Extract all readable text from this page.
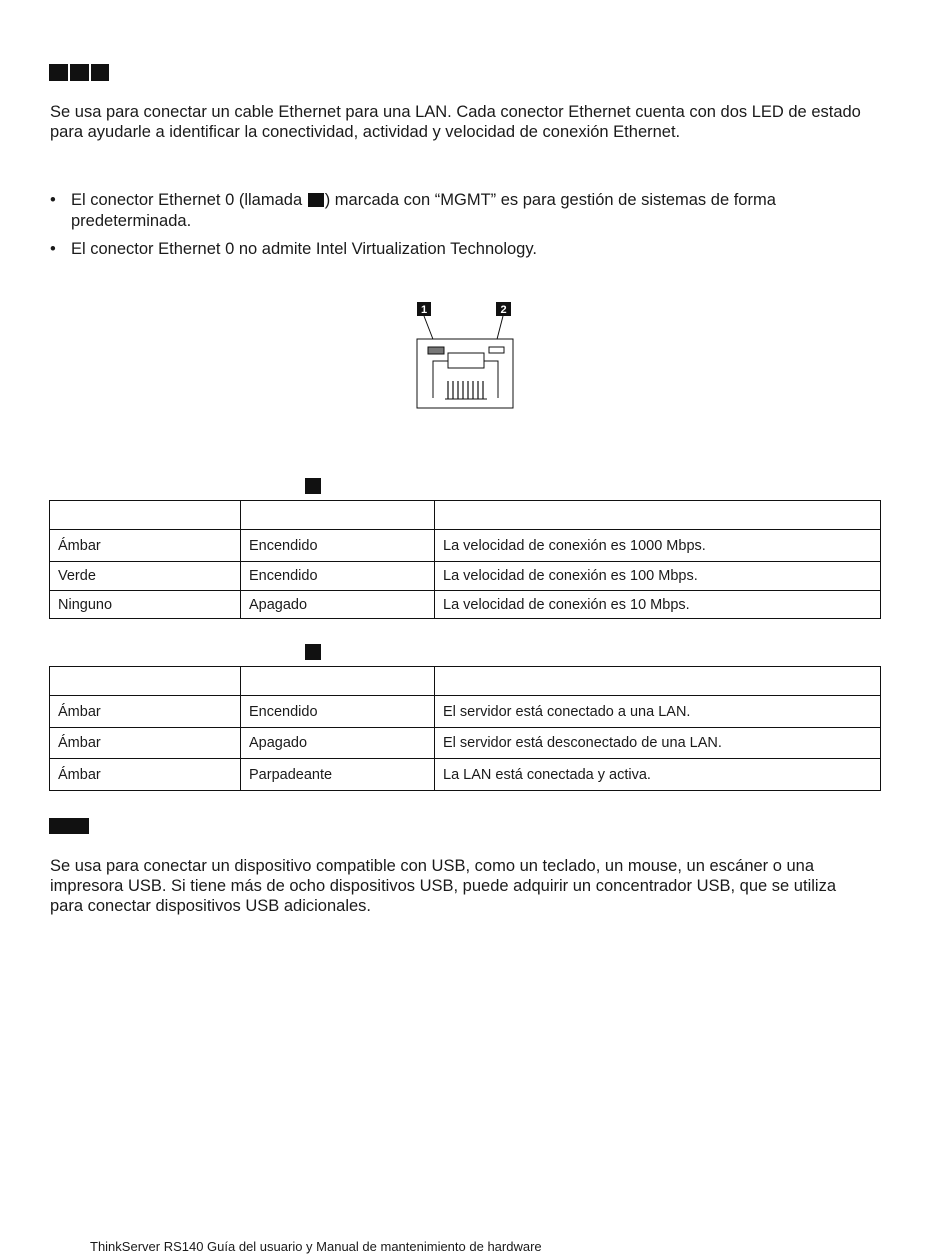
Se usa para conectar un cable Ethernet para una LAN. Cada conector Ethernet cuenta con dos LED de estado para ayudarle a identificar la conectividad, actividad y velocidad de conexión Ethernet.

• El conector Ethernet 0 (llamada ) marcada con “MGMT” es para gestión de sistemas de forma predeterminada.
• El conector Ethernet 0 no admite Intel Virtualization Technology.
1	2

Ámbar	Encendido	La velocidad de conexión es 1000 Mbps.
Verde	Encendido	La velocidad de conexión es 100 Mbps.
Ninguno	Apagado	La velocidad de conexión es 10 Mbps.

Ámbar	Encendido	El servidor está conectado a una LAN.
Ámbar	Apagado	El servidor está desconectado de una LAN.
Ámbar	Parpadeante	La LAN está conectada y activa.

Se usa para conectar un dispositivo compatible con USB, como un teclado, un mouse, un escáner o una impresora USB. Si tiene más de ocho dispositivos USB, puede adquirir un concentrador USB, que se utiliza para conectar dispositivos USB adicionales.

ThinkServer RS140 Guía del usuario y Manual de mantenimiento de hardware
